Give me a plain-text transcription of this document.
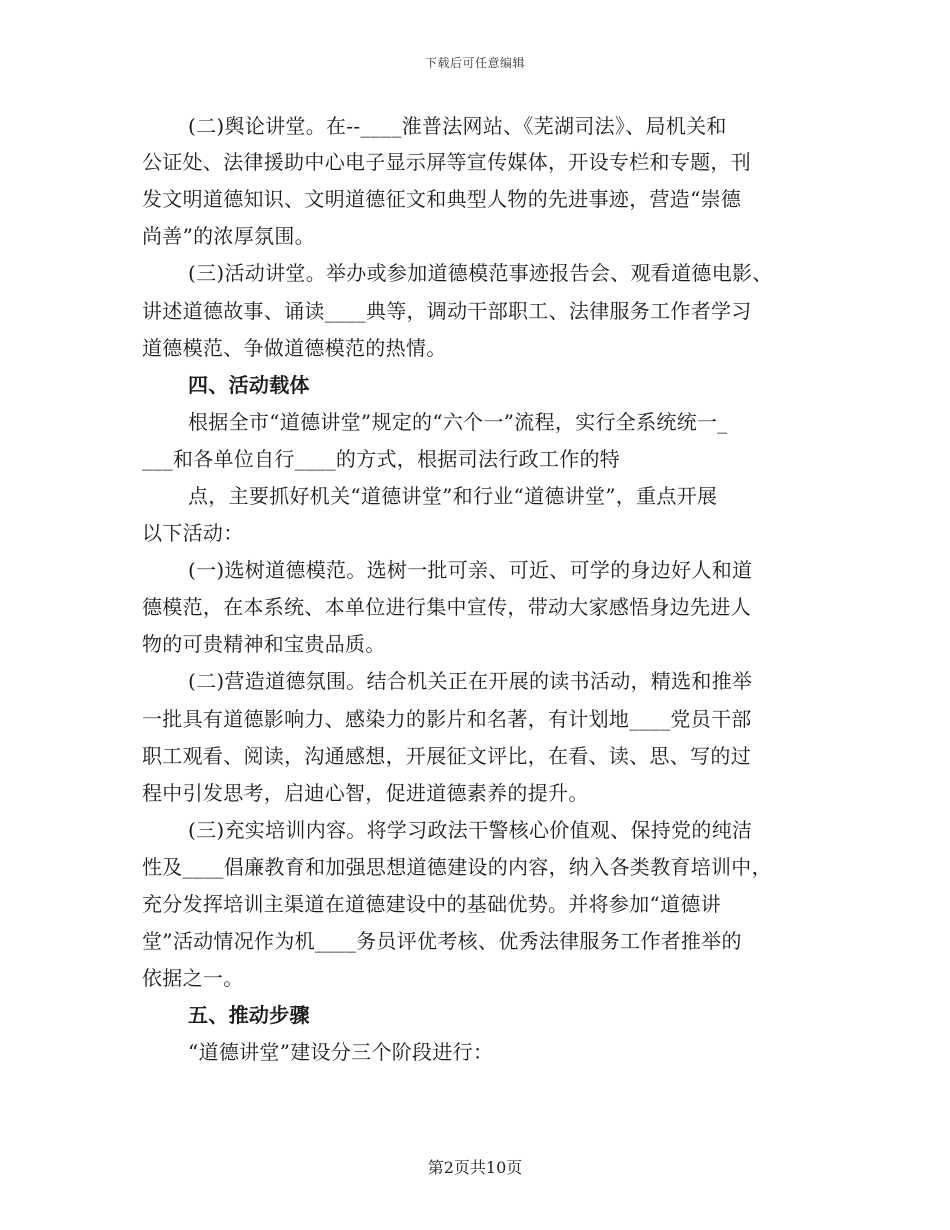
下载后可任意编辑
(二)舆论讲堂。在--____淮普法网站、《芜湖司法》、局机关和
公证处、法律援助中心电子显示屏等宣传媒体，开设专栏和专题，刊
发文明道德知识、文明道德征文和典型人物的先进事迹，营造“崇德
尚善”的浓厚氛围。
(三)活动讲堂。举办或参加道德模范事迹报告会、观看道德电影、
讲述道德故事、诵读____典等，调动干部职工、法律服务工作者学习
道德模范、争做道德模范的热情。
四、活动载体
根据全市“道德讲堂”规定的“六个一”流程，实行全系统统一_
___和各单位自行____的方式，根据司法行政工作的特
点，主要抓好机关“道德讲堂”和行业“道德讲堂”，重点开展
以下活动：
(一)选树道德模范。选树一批可亲、可近、可学的身边好人和道
德模范，在本系统、本单位进行集中宣传，带动大家感悟身边先进人
物的可贵精神和宝贵品质。
(二)营造道德氛围。结合机关正在开展的读书活动，精选和推举
一批具有道德影响力、感染力的影片和名著，有计划地____党员干部
职工观看、阅读，沟通感想，开展征文评比，在看、读、思、写的过
程中引发思考，启迪心智，促进道德素养的提升。
(三)充实培训内容。将学习政法干警核心价值观、保持党的纯洁
性及____倡廉教育和加强思想道德建设的内容，纳入各类教育培训中，
充分发挥培训主渠道在道德建设中的基础优势。并将参加“道德讲
堂”活动情况作为机____务员评优考核、优秀法律服务工作者推举的
依据之一。
五、推动步骤
“道德讲堂”建设分三个阶段进行：
第2页共10页
